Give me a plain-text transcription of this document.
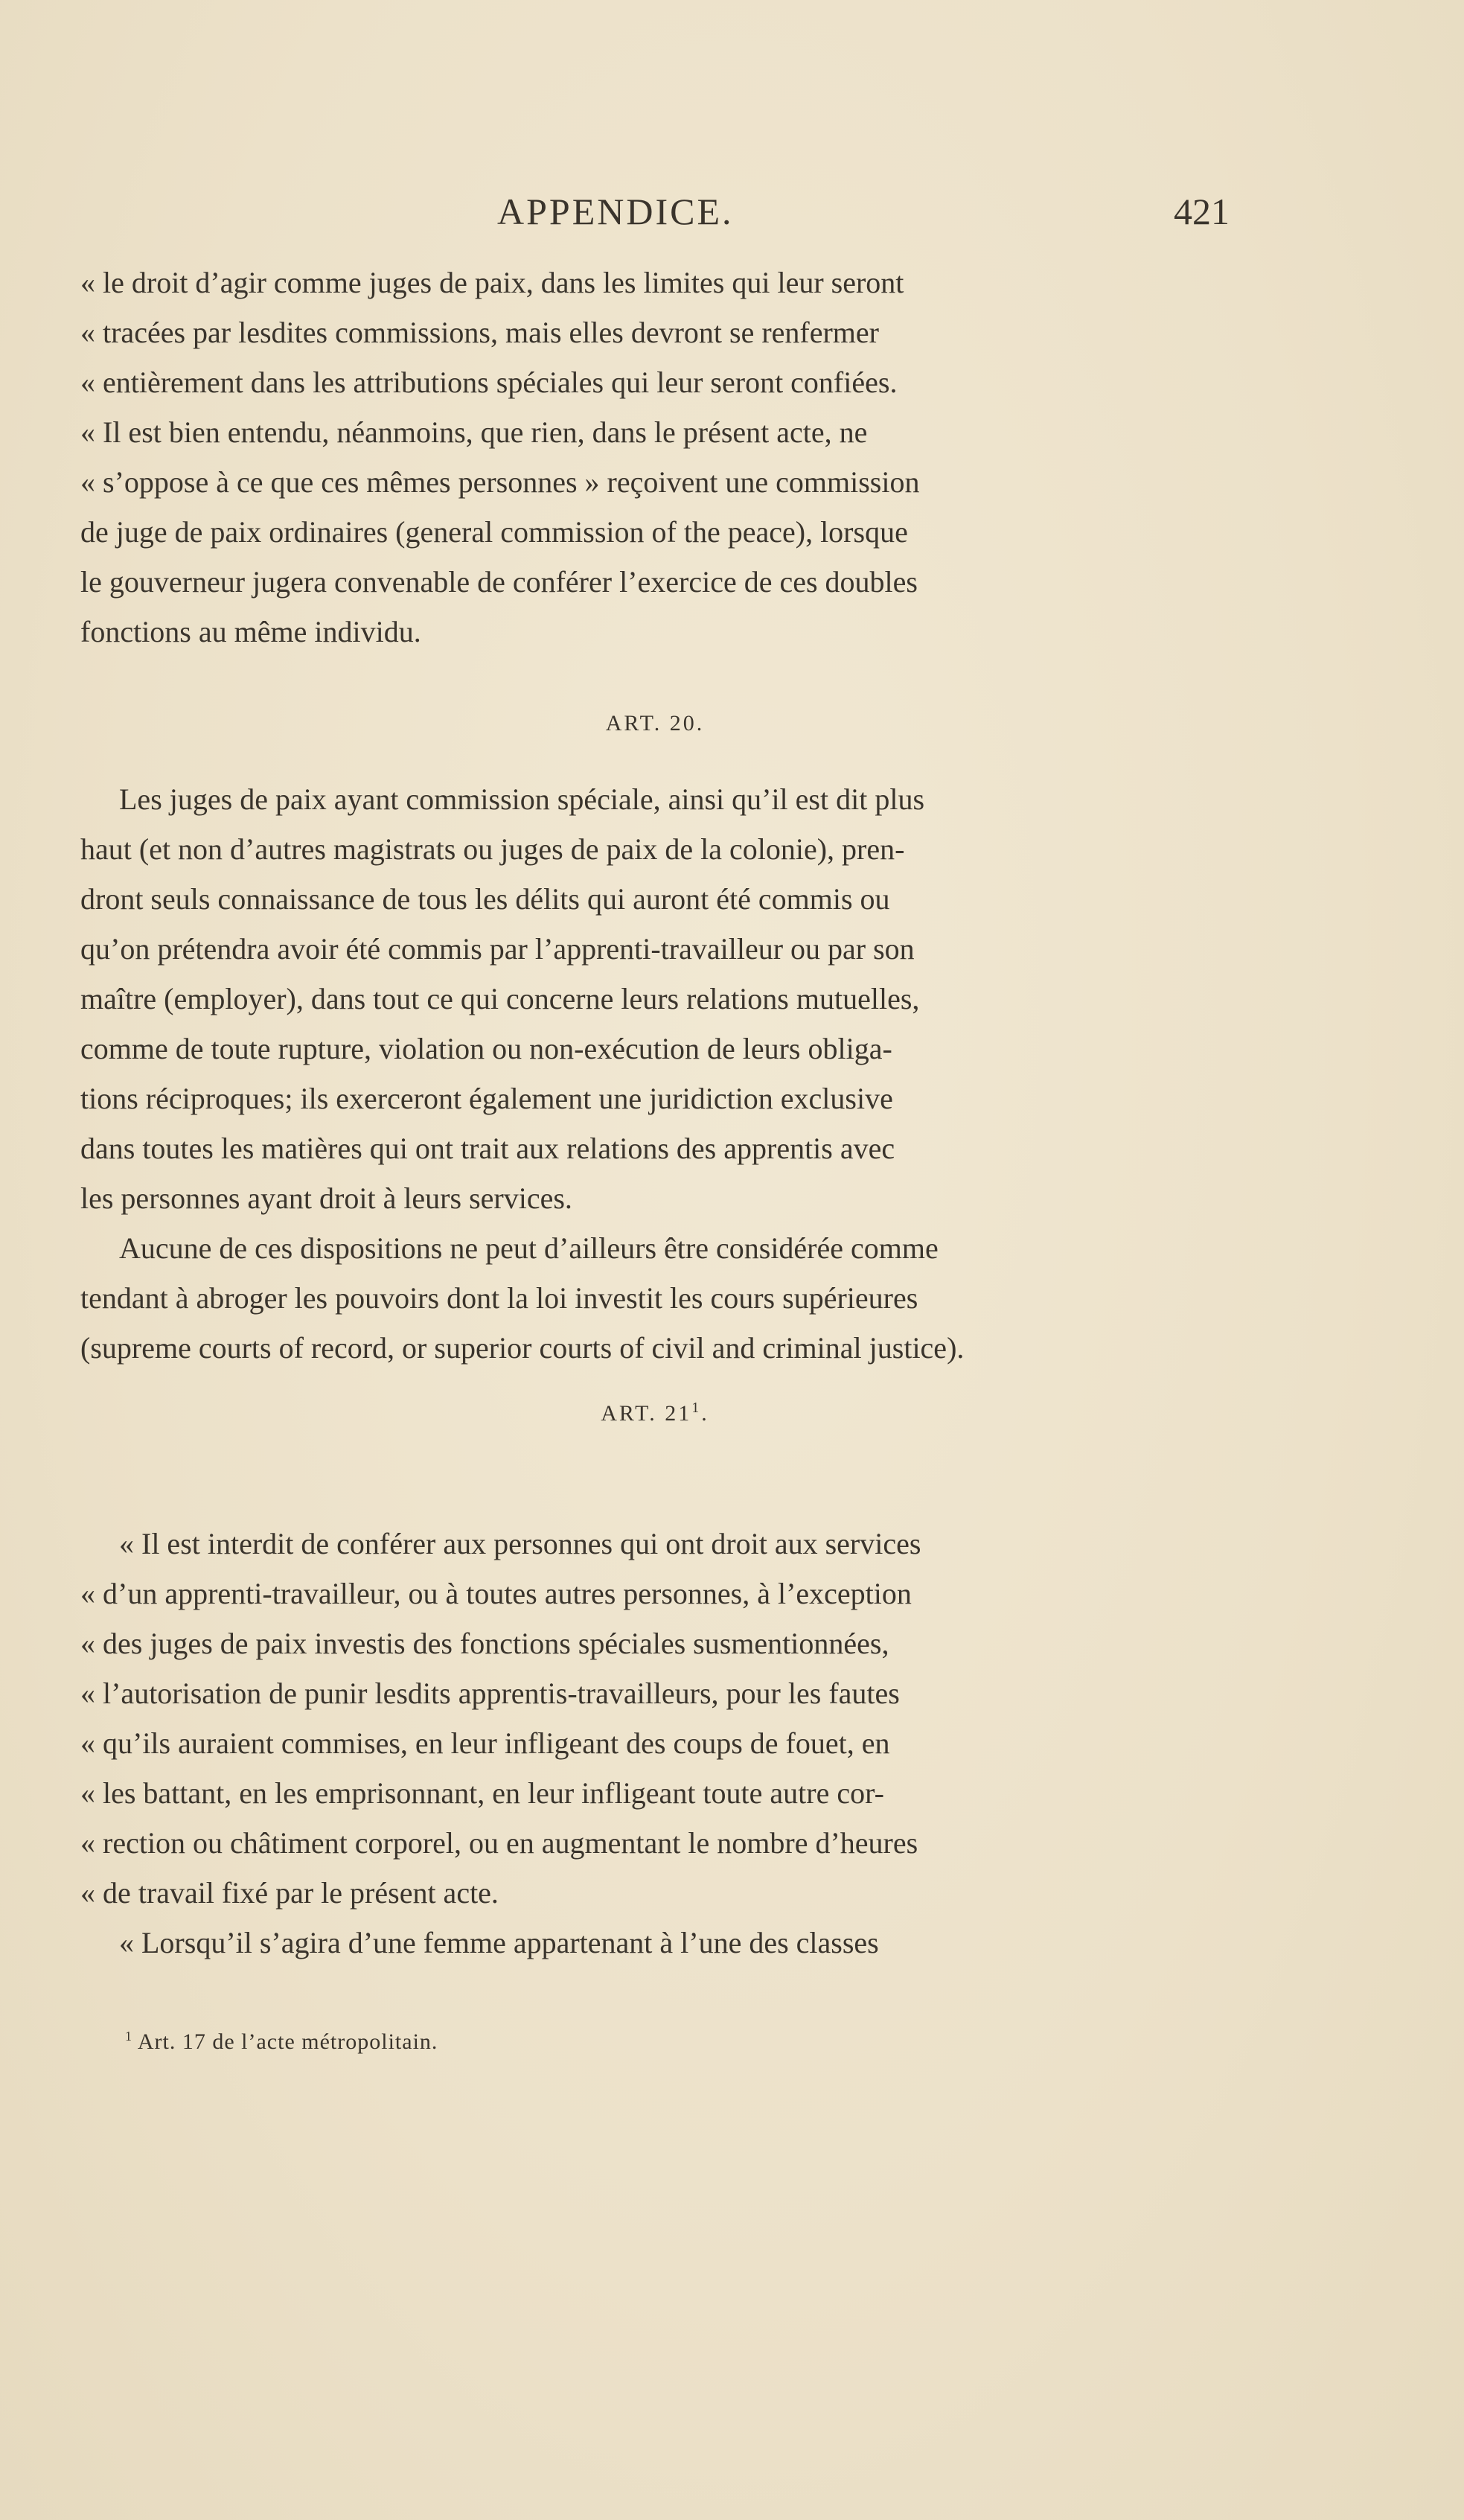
APPENDICE.	421

« le droit d’agir comme juges de paix, dans les limites qui leur seront

« tracées par lesdites commissions, mais elles devront se renfermer

« entièrement dans les attributions spéciales qui leur seront confiées.

« Il est bien entendu, néanmoins, que rien, dans le présent acte, ne

« s’oppose à ce que ces mêmes personnes » reçoivent une commission

de juge de paix ordinaires (general commission of the peace), lorsque

le gouverneur jugera convenable de conférer l’exercice de ces doubles

fonctions au même individu.

ART. 20.

Les juges de paix ayant commission spéciale, ainsi qu’il est dit plus

haut (et non d’autres magistrats ou juges de paix de la colonie), pren-

dront seuls connaissance de tous les délits qui auront été commis ou

qu’on prétendra avoir été commis par l’apprenti-travailleur ou par son

maître (employer), dans tout ce qui concerne leurs relations mutuelles,

comme de toute rupture, violation ou non-exécution de leurs obliga-

tions réciproques; ils exerceront également une juridiction exclusive

dans toutes les matières qui ont trait aux relations des apprentis avec

les personnes ayant droit à leurs services.

Aucune de ces dispositions ne peut d’ailleurs être considérée comme

tendant à abroger les pouvoirs dont la loi investit les cours supérieures

(supreme courts of record, or superior courts of civil and criminal justice).

ART. $21^1$.

« Il est interdit de conférer aux personnes qui ont droit aux services

« d’un apprenti-travailleur, ou à toutes autres personnes, à l’exception

« des juges de paix investis des fonctions spéciales susmentionnées,

« l’autorisation de punir lesdits apprentis-travailleurs, pour les fautes

« qu’ils auraient commises, en leur infligeant des coups de fouet, en

« les battant, en les emprisonnant, en leur infligeant toute autre cor-

« rection ou châtiment corporel, ou en augmentant le nombre d’heures

« de travail fixé par le présent acte.

« Lorsqu’il s’agira d’une femme appartenant à l’une des classes

$^1$ Art. 17 de l’acte métropolitain.
